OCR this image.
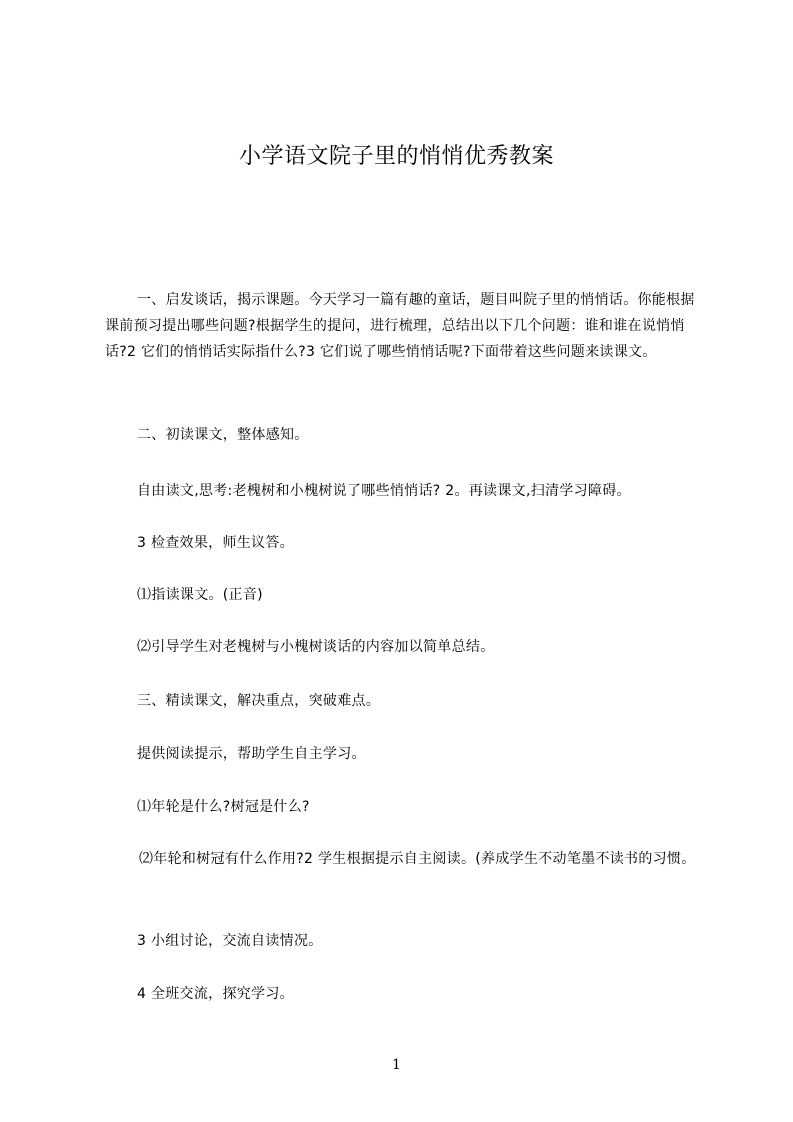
小学语文院子里的悄悄优秀教案
一、启发谈话，揭示课题。今天学习一篇有趣的童话，题目叫院子里的悄悄话。你能根据课前预习提出哪些问题?根据学生的提问，进行梳理，总结出以下几个问题：谁和谁在说悄悄话?2 它们的悄悄话实际指什么?3 它们说了哪些悄悄话呢?下面带着这些问题来读课文。
二、初读课文，整体感知。
自由读文,思考:老槐树和小槐树说了哪些悄悄话? 2。再读课文,扫清学习障碍。
3 检查效果，师生议答。
⑴指读课文。(正音)
⑵引导学生对老槐树与小槐树谈话的内容加以简单总结。
三、精读课文，解决重点，突破难点。
提供阅读提示，帮助学生自主学习。
⑴年轮是什么?树冠是什么?
⑵年轮和树冠有什么作用?2 学生根据提示自主阅读。(养成学生不动笔墨不读书的习惯。
3 小组讨论，交流自读情况。
4 全班交流，探究学习。
1
